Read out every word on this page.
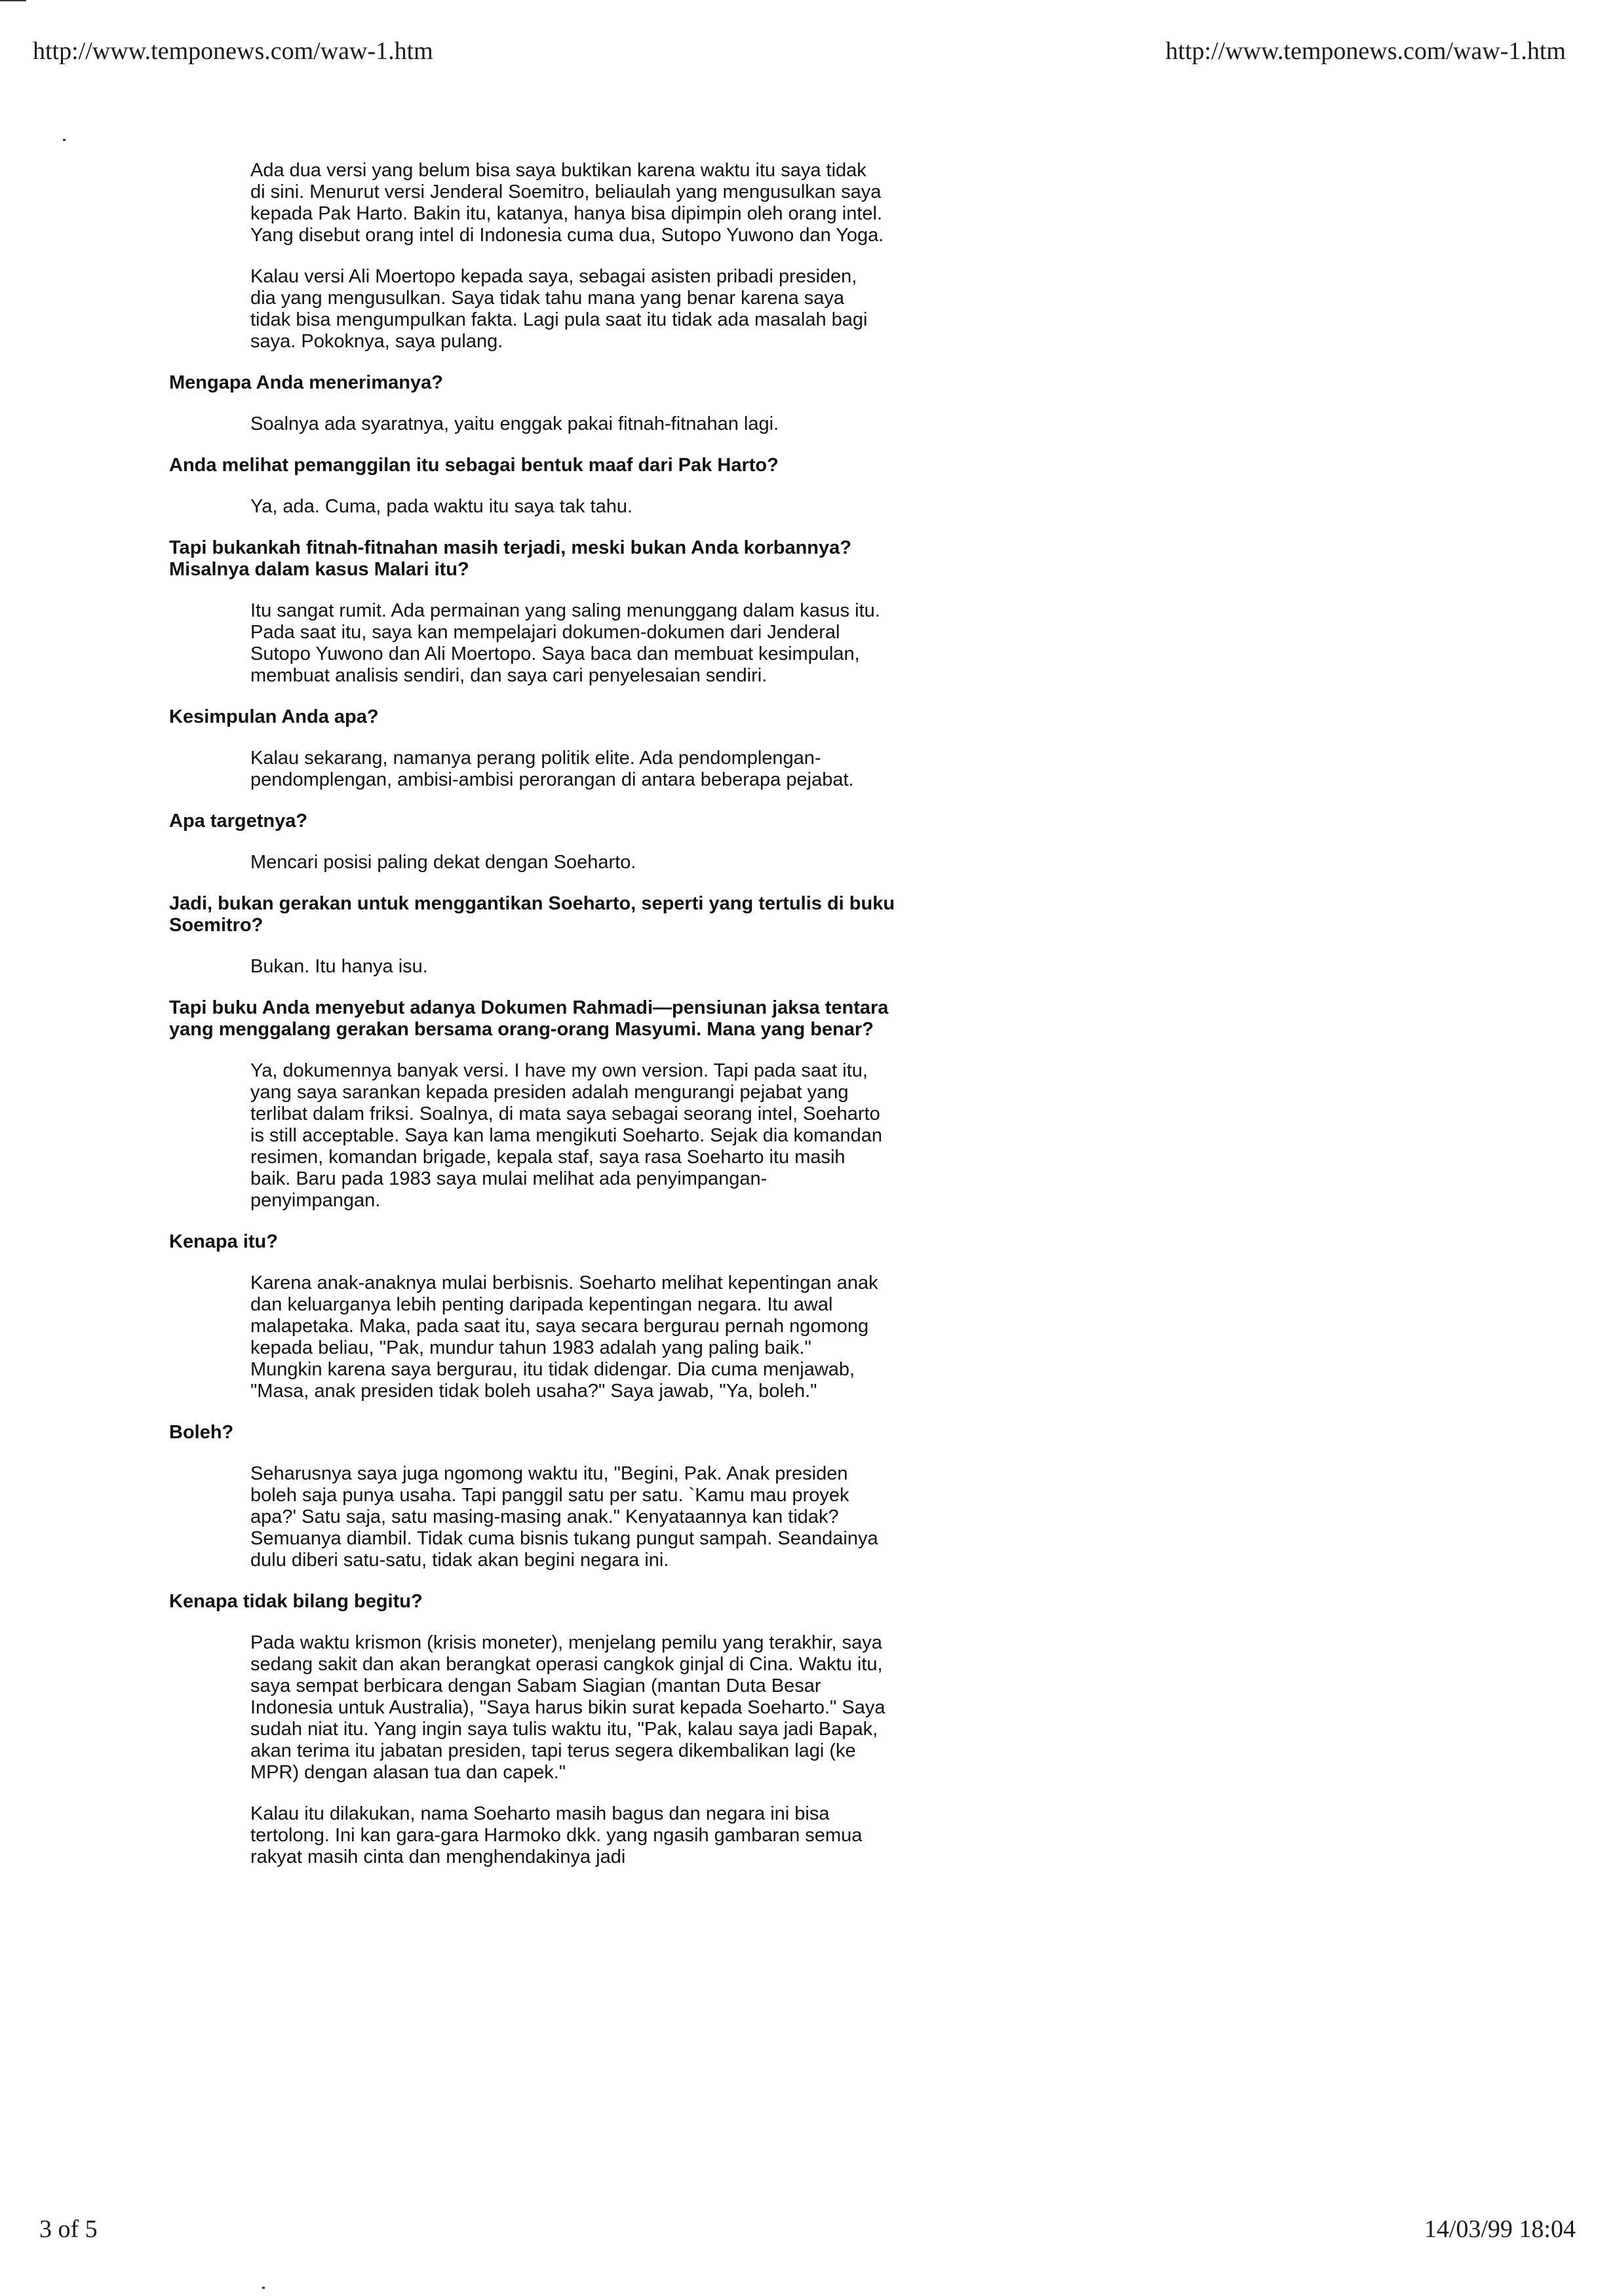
http://www.temponews.com/waw-1.htm	http://www.temponews.com/waw-1.htm

Ada dua versi yang belum bisa saya buktikan karena waktu itu saya tidak di sini. Menurut versi Jenderal Soemitro, beliaulah yang mengusulkan saya kepada Pak Harto. Bakin itu, katanya, hanya bisa dipimpin oleh orang intel. Yang disebut orang intel di Indonesia cuma dua, Sutopo Yuwono dan Yoga.

Kalau versi Ali Moertopo kepada saya, sebagai asisten pribadi presiden, dia yang mengusulkan. Saya tidak tahu mana yang benar karena saya tidak bisa mengumpulkan fakta. Lagi pula saat itu tidak ada masalah bagi saya. Pokoknya, saya pulang.

Mengapa Anda menerimanya?

Soalnya ada syaratnya, yaitu enggak pakai fitnah-fitnahan lagi.

Anda melihat pemanggilan itu sebagai bentuk maaf dari Pak Harto?

Ya, ada. Cuma, pada waktu itu saya tak tahu.

Tapi bukankah fitnah-fitnahan masih terjadi, meski bukan Anda korbannya? Misalnya dalam kasus Malari itu?

Itu sangat rumit. Ada permainan yang saling menunggang dalam kasus itu. Pada saat itu, saya kan mempelajari dokumen-dokumen dari Jenderal Sutopo Yuwono dan Ali Moertopo. Saya baca dan membuat kesimpulan, membuat analisis sendiri, dan saya cari penyelesaian sendiri.

Kesimpulan Anda apa?

Kalau sekarang, namanya perang politik elite. Ada pendomplengan-pendomplengan, ambisi-ambisi perorangan di antara beberapa pejabat.

Apa targetnya?

Mencari posisi paling dekat dengan Soeharto.

Jadi, bukan gerakan untuk menggantikan Soeharto, seperti yang tertulis di buku Soemitro?

Bukan. Itu hanya isu.

Tapi buku Anda menyebut adanya Dokumen Rahmadi—pensiunan jaksa tentara yang menggalang gerakan bersama orang-orang Masyumi. Mana yang benar?

Ya, dokumennya banyak versi. I have my own version. Tapi pada saat itu, yang saya sarankan kepada presiden adalah mengurangi pejabat yang terlibat dalam friksi. Soalnya, di mata saya sebagai seorang intel, Soeharto is still acceptable. Saya kan lama mengikuti Soeharto. Sejak dia komandan resimen, komandan brigade, kepala staf, saya rasa Soeharto itu masih baik. Baru pada 1983 saya mulai melihat ada penyimpangan-penyimpangan.

Kenapa itu?

Karena anak-anaknya mulai berbisnis. Soeharto melihat kepentingan anak dan keluarganya lebih penting daripada kepentingan negara. Itu awal malapetaka. Maka, pada saat itu, saya secara bergurau pernah ngomong kepada beliau, "Pak, mundur tahun 1983 adalah yang paling baik." Mungkin karena saya bergurau, itu tidak didengar. Dia cuma menjawab, "Masa, anak presiden tidak boleh usaha?" Saya jawab, "Ya, boleh."

Boleh?

Seharusnya saya juga ngomong waktu itu, "Begini, Pak. Anak presiden boleh saja punya usaha. Tapi panggil satu per satu. `Kamu mau proyek apa?' Satu saja, satu masing-masing anak." Kenyataannya kan tidak? Semuanya diambil. Tidak cuma bisnis tukang pungut sampah. Seandainya dulu diberi satu-satu, tidak akan begini negara ini.

Kenapa tidak bilang begitu?

Pada waktu krismon (krisis moneter), menjelang pemilu yang terakhir, saya sedang sakit dan akan berangkat operasi cangkok ginjal di Cina. Waktu itu, saya sempat berbicara dengan Sabam Siagian (mantan Duta Besar Indonesia untuk Australia), "Saya harus bikin surat kepada Soeharto." Saya sudah niat itu. Yang ingin saya tulis waktu itu, "Pak, kalau saya jadi Bapak, akan terima itu jabatan presiden, tapi terus segera dikembalikan lagi (ke MPR) dengan alasan tua dan capek."

Kalau itu dilakukan, nama Soeharto masih bagus dan negara ini bisa tertolong. Ini kan gara-gara Harmoko dkk. yang ngasih gambaran semua rakyat masih cinta dan menghendakinya jadi

3 of 5	14/03/99 18:04
